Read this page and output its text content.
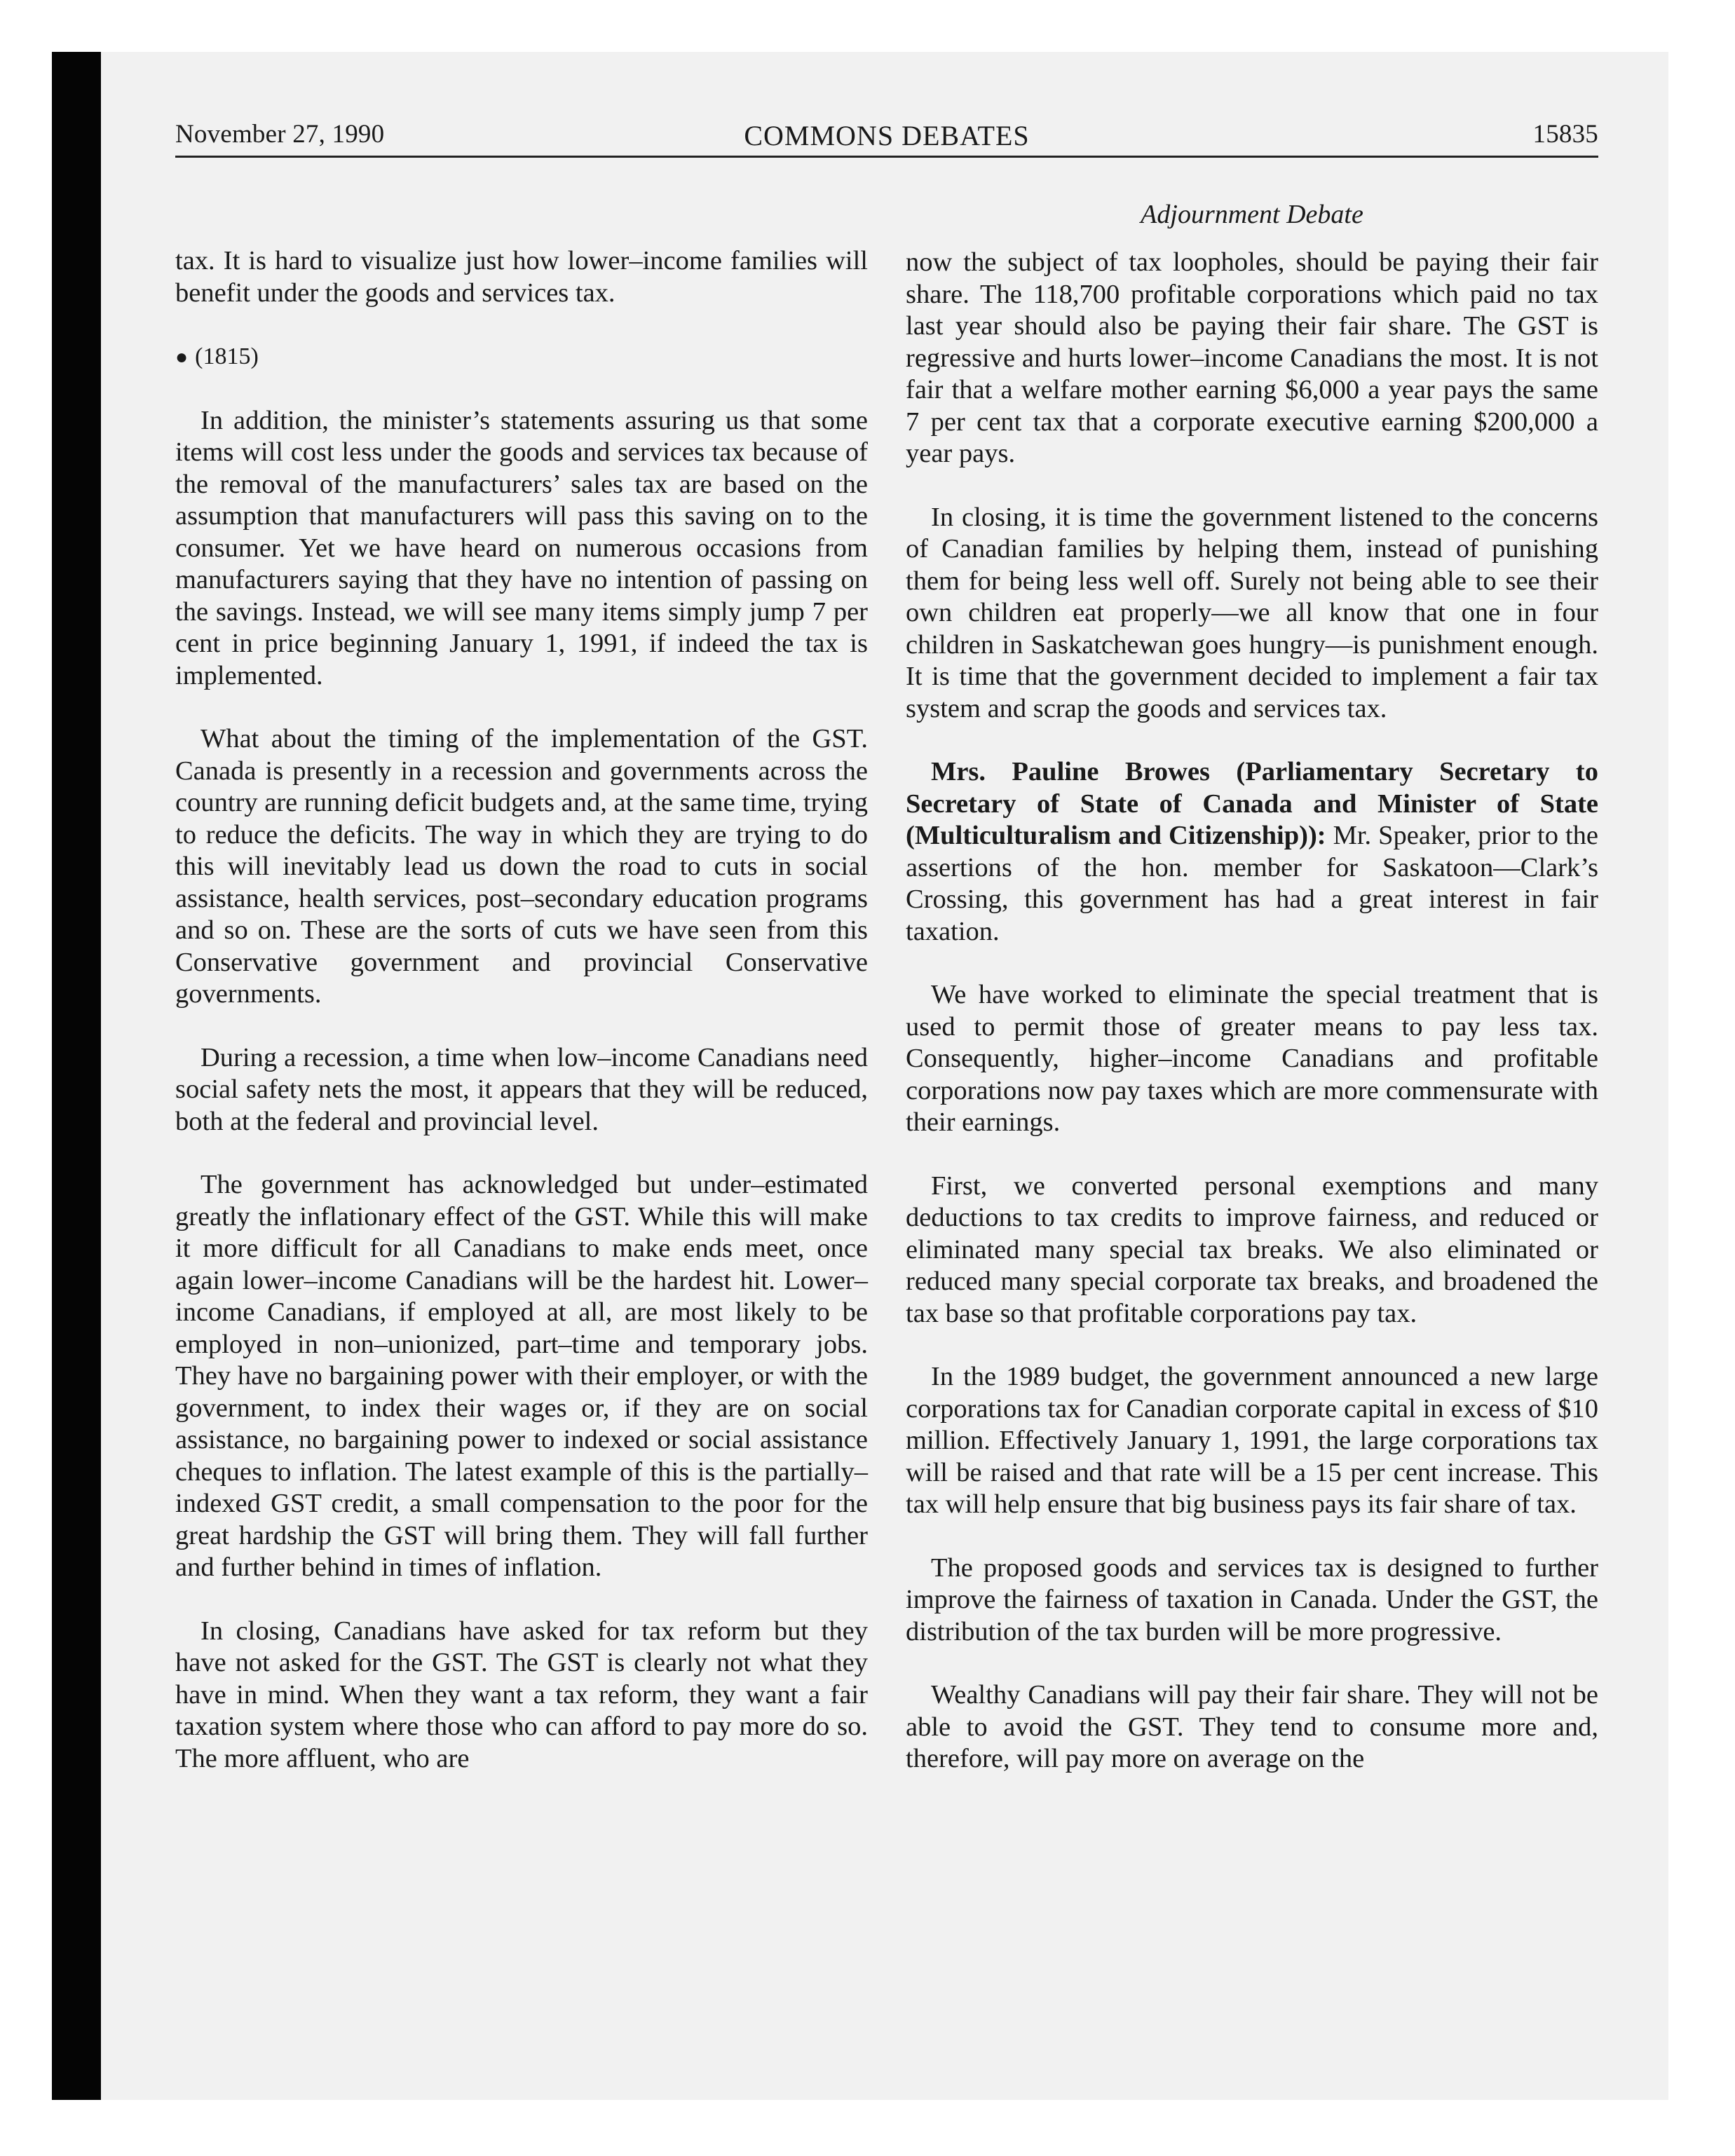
November 27, 1990	COMMONS DEBATES	15835
Adjournment Debate

tax. It is hard to visualize just how lower–income families will benefit under the goods and services tax.

● (1815)

In addition, the minister’s statements assuring us that some items will cost less under the goods and services tax because of the removal of the manufacturers’ sales tax are based on the assumption that manufacturers will pass this saving on to the consumer. Yet we have heard on numerous occasions from manufacturers saying that they have no intention of passing on the savings. Instead, we will see many items simply jump 7 per cent in price beginning January 1, 1991, if indeed the tax is implemented.

What about the timing of the implementation of the GST. Canada is presently in a recession and governments across the country are running deficit budgets and, at the same time, trying to reduce the deficits. The way in which they are trying to do this will inevitably lead us down the road to cuts in social assistance, health services, post–secondary education programs and so on. These are the sorts of cuts we have seen from this Conservative government and provincial Conservative governments.

During a recession, a time when low–income Canadians need social safety nets the most, it appears that they will be reduced, both at the federal and provincial level.

The government has acknowledged but under–estimated greatly the inflationary effect of the GST. While this will make it more difficult for all Canadians to make ends meet, once again lower–income Canadians will be the hardest hit. Lower–income Canadians, if employed at all, are most likely to be employed in non–unionized, part–time and temporary jobs. They have no bargaining power with their employer, or with the government, to index their wages or, if they are on social assistance, no bargaining power to indexed or social assistance cheques to inflation. The latest example of this is the partially–indexed GST credit, a small compensation to the poor for the great hardship the GST will bring them. They will fall further and further behind in times of inflation.

In closing, Canadians have asked for tax reform but they have not asked for the GST. The GST is clearly not what they have in mind. When they want a tax reform, they want a fair taxation system where those who can afford to pay more do so. The more affluent, who are

now the subject of tax loopholes, should be paying their fair share. The 118,700 profitable corporations which paid no tax last year should also be paying their fair share. The GST is regressive and hurts lower–income Canadians the most. It is not fair that a welfare mother earning $6,000 a year pays the same 7 per cent tax that a corporate executive earning $200,000 a year pays.

In closing, it is time the government listened to the concerns of Canadian families by helping them, instead of punishing them for being less well off. Surely not being able to see their own children eat properly—we all know that one in four children in Saskatchewan goes hungry—is punishment enough. It is time that the government decided to implement a fair tax system and scrap the goods and services tax.

Mrs. Pauline Browes (Parliamentary Secretary to Secretary of State of Canada and Minister of State (Multiculturalism and Citizenship)): Mr. Speaker, prior to the assertions of the hon. member for Saskatoon—Clark’s Crossing, this government has had a great interest in fair taxation.

We have worked to eliminate the special treatment that is used to permit those of greater means to pay less tax. Consequently, higher–income Canadians and profitable corporations now pay taxes which are more commensurate with their earnings.

First, we converted personal exemptions and many deductions to tax credits to improve fairness, and reduced or eliminated many special tax breaks. We also eliminated or reduced many special corporate tax breaks, and broadened the tax base so that profitable corporations pay tax.

In the 1989 budget, the government announced a new large corporations tax for Canadian corporate capital in excess of $10 million. Effectively January 1, 1991, the large corporations tax will be raised and that rate will be a 15 per cent increase. This tax will help ensure that big business pays its fair share of tax.

The proposed goods and services tax is designed to further improve the fairness of taxation in Canada. Under the GST, the distribution of the tax burden will be more progressive.

Wealthy Canadians will pay their fair share. They will not be able to avoid the GST. They tend to consume more and, therefore, will pay more on average on the
